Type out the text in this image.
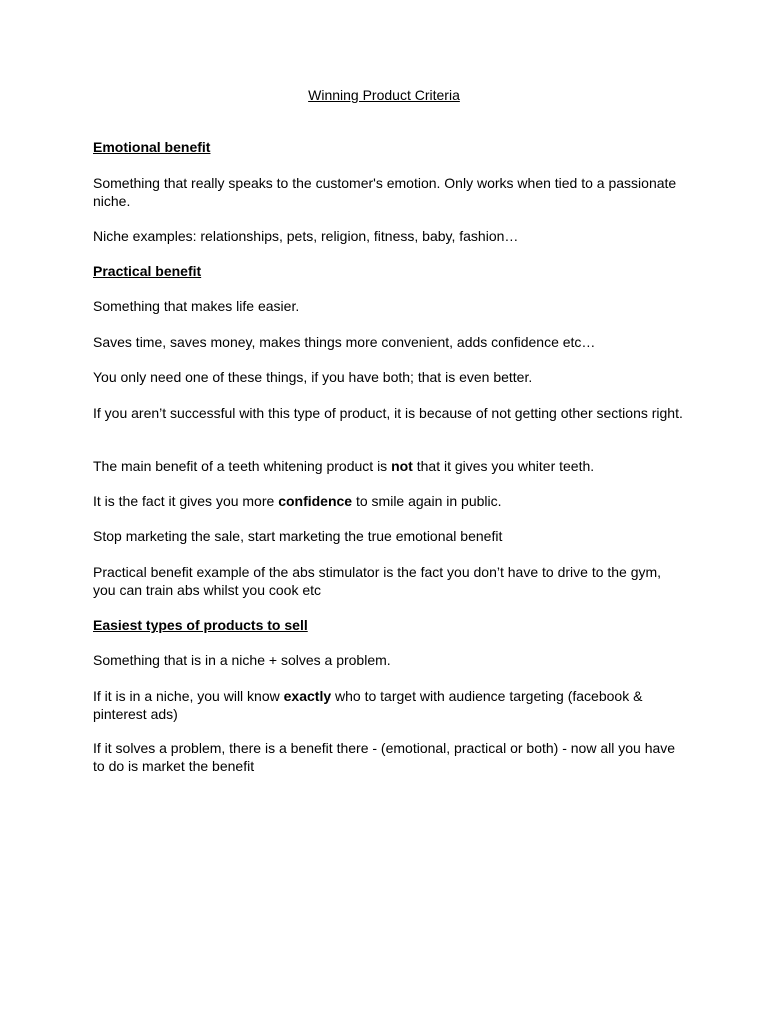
Winning Product Criteria

Emotional benefit

Something that really speaks to the customer's emotion. Only works when tied to a passionate niche.

Niche examples: relationships, pets, religion, fitness, baby, fashion…

Practical benefit

Something that makes life easier.

Saves time, saves money, makes things more convenient, adds confidence etc…

You only need one of these things, if you have both; that is even better.

If you aren’t successful with this type of product, it is because of not getting other sections right.

The main benefit of a teeth whitening product is not that it gives you whiter teeth.

It is the fact it gives you more confidence to smile again in public.

Stop marketing the sale, start marketing the true emotional benefit

Practical benefit example of the abs stimulator is the fact you don’t have to drive to the gym, you can train abs whilst you cook etc

Easiest types of products to sell

Something that is in a niche + solves a problem.

If it is in a niche, you will know exactly who to target with audience targeting (facebook & pinterest ads)

If it solves a problem, there is a benefit there - (emotional, practical or both) - now all you have to do is market the benefit
